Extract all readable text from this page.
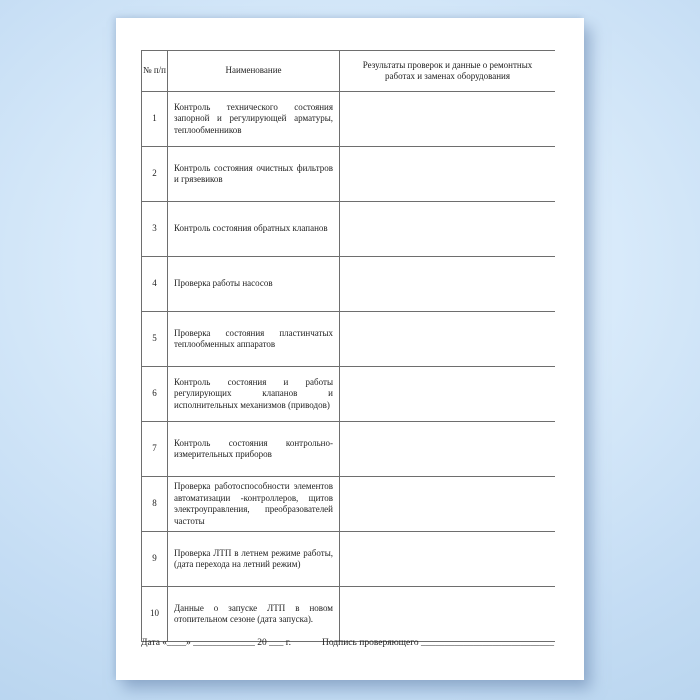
№ п/п	Наименование
Результаты проверок и данные о ремонтных работах и заменах оборудования
1
Контроль технического состояния запорной и регулирующей арматуры, теплообменников
2
Контроль состояния очистных фильтров и грязевиков
3 Контроль состояния обратных клапанов
4 Проверка работы насосов
5
Проверка состояния пластинчатых теплообменных аппаратов
6
Контроль состояния и работы регулирующих клапанов и исполнительных механизмов (приводов)
7
Контроль состояния контрольно-измерительных приборов
8
Проверка работоспособности элементов автоматизации -контроллеров, щитов электроуправления, преобразователей частоты
9
Проверка ЛТП в летнем режиме работы, (дата перехода на летний режим)
10
Данные о запуске ЛТП в новом отопительном сезоне (дата запуска).
Дата «____» _____________ 20 ___ г.	Подпись проверяющего ____________________________
